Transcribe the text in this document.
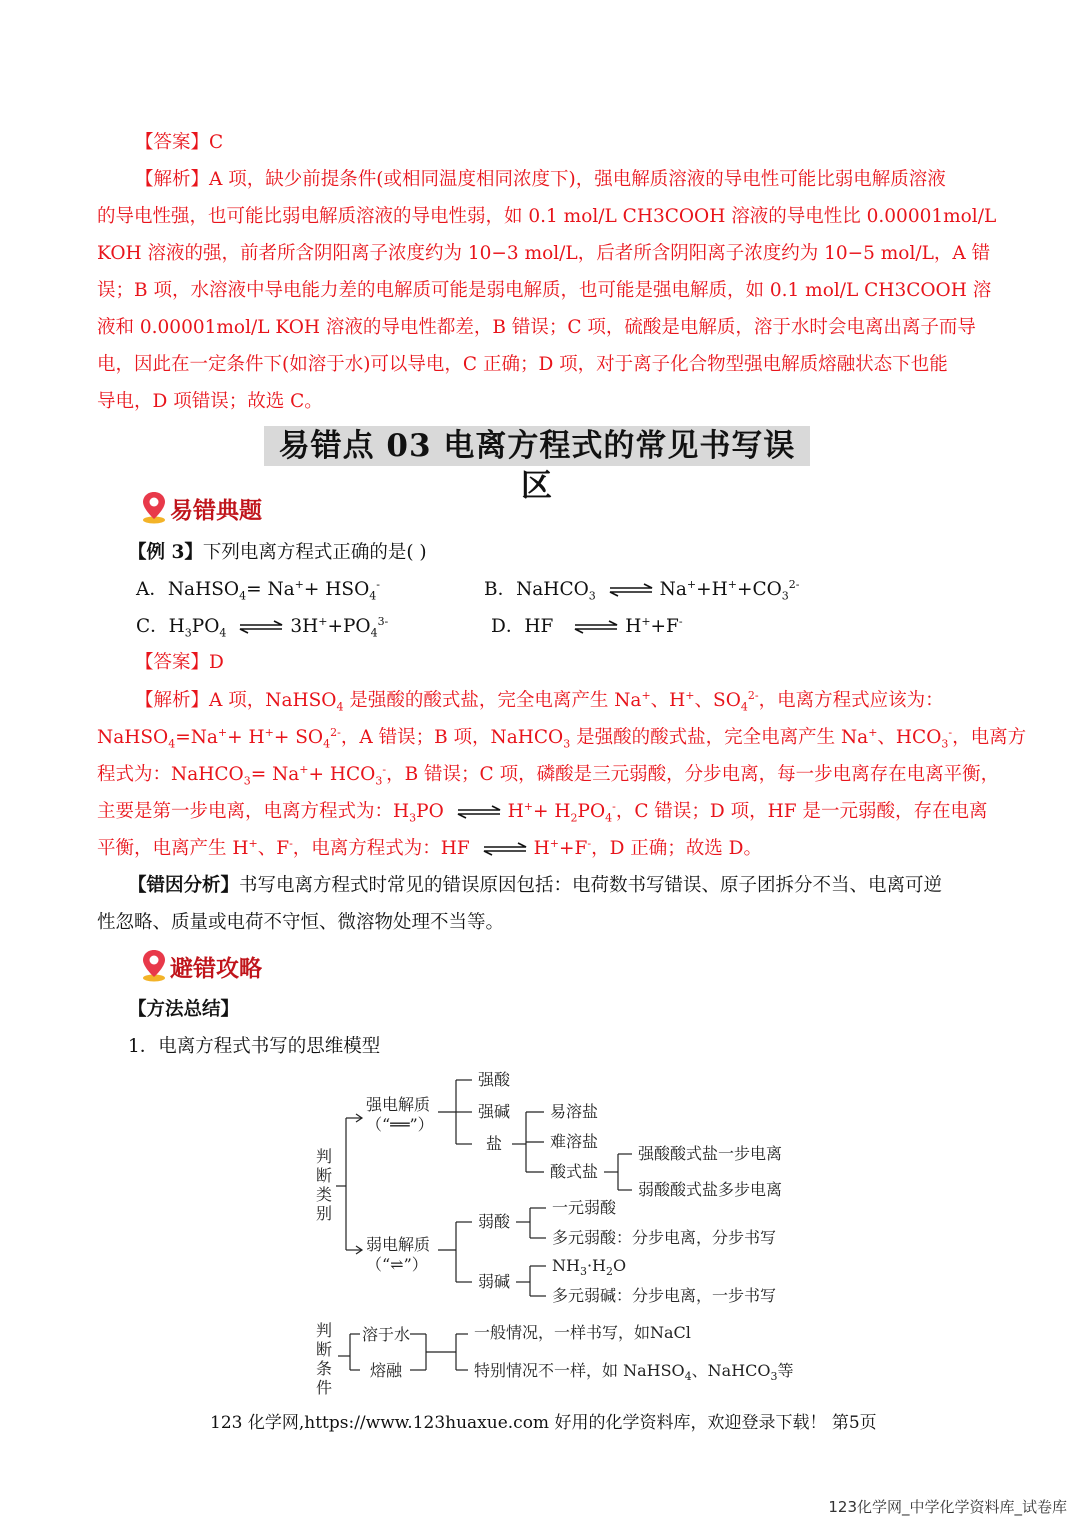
【答案】C
【解析】A 项，缺少前提条件(或相同温度相同浓度下)，强电解质溶液的导电性可能比弱电解质溶液
的导电性强，也可能比弱电解质溶液的导电性弱，如 0.1 mol/L CH3COOH 溶液的导电性比 0.00001mol/L
KOH 溶液的强，前者所含阴阳离子浓度约为 10−3 mol/L，后者所含阴阳离子浓度约为 10−5 mol/L，A 错
误；B 项，水溶液中导电能力差的电解质可能是弱电解质，也可能是强电解质，如 0.1 mol/L CH3COOH 溶
液和 0.00001mol/L KOH 溶液的导电性都差，B 错误；C 项，硫酸是电解质，溶于水时会电离出离子而导
电，因此在一定条件下(如溶于水)可以导电，C 正确；D 项，对于离子化合物型强电解质熔融状态下也能
导电，D 项错误；故选 C。
易错点 03 电离方程式的常见书写误区
易错典题
【例 3】下列电离方程式正确的是( )
A．NaHSO$_4$= $Na^++ HSO_4^-$	B．NaHCO$_3$ ⇌ $Na^++H^++CO_3^{2-}$
C．$H_3PO_4$ ⇌ $3H^++PO_4^{3-}$	D．HF ⇌ H++F-
【答案】D
【解析】A 项，NaHSO$_4$ 是强酸的酸式盐，完全电离产生 Na+、H+、$SO_4^{2-}$，电离方程式应该为：
NaHSO$_4$=Na++ $H^++ SO_4^{2-}$，A 错误；B 项，NaHCO$_3$ 是强酸的酸式盐，完全电离产生 Na+、$HCO_3^-$，电离方
程式为：NaHCO$_3$= $Na^++ HCO_3^-$，B 错误；C 项，磷酸是三元弱酸，分步电离，每一步电离存在电离平衡，
主要是第一步电离，电离方程式为：$H_3PO$ ⇌ $H^++ H_2PO_4^-$，C 错误；D 项，HF 是一元弱酸，存在电离
平衡，电离产生 H+、F-，电离方程式为：HF ⇌ H++F-，D 正确；故选 D。
【错因分析】书写电离方程式时常见的错误原因包括：电荷数书写错误、原子团拆分不当、电离可逆
性忽略、质量或电荷不守恒、微溶物处理不当等。
避错攻略
【方法总结】
1．电离方程式书写的思维模型
判
断
类
别
强电解质
（“══”）
弱电解质
（“⇌”）
强酸
强碱
盐
易溶盐
难溶盐
酸式盐
强酸酸式盐一步电离
弱酸酸式盐多步电离
弱酸
一元弱酸
多元弱酸：分步电离，分步书写
弱碱
$NH_3\cdot H_2O$
多元弱碱：分步电离，一步书写
判
断
条
件
溶于水
熔融
一般情况，一样书写，如NaCl
特别情况不一样，如 NaHSO$_4$、NaHCO$_3$等
123 化学网,https://www.123huaxue.com 好用的化学资料库，欢迎登录下载！ 第5页
123化学网_中学化学资料库_试卷库
